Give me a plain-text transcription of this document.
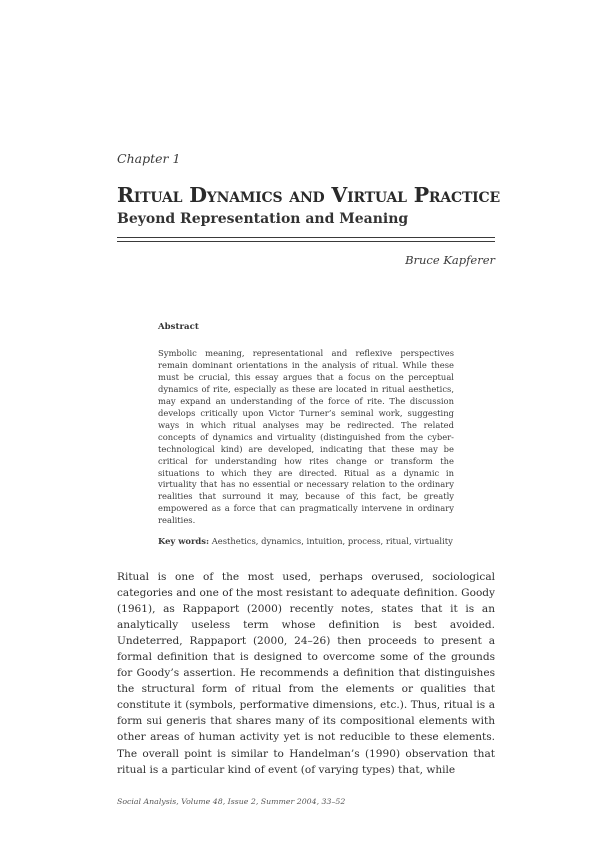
Chapter 1
Ritual Dynamics and Virtual Practice
Beyond Representation and Meaning
Bruce Kapferer
Abstract
Symbolic meaning, representational and reflexive perspectives remain dominant orientations in the analysis of ritual. While these must be crucial, this essay argues that a focus on the perceptual dynamics of rite, especially as these are located in ritual aesthetics, may expand an understanding of the force of rite. The discussion develops critically upon Victor Turner’s seminal work, suggesting ways in which ritual analyses may be redirected. The related concepts of dynamics and virtuality (distinguished from the cyber-technological kind) are developed, indicating that these may be critical for understanding how rites change or transform the situations to which they are directed. Ritual as a dynamic in virtuality that has no essential or necessary relation to the ordinary realities that surround it may, because of this fact, be greatly empowered as a force that can pragmatically intervene in ordinary realities.
Key words: Aesthetics, dynamics, intuition, process, ritual, virtuality
Ritual is one of the most used, perhaps overused, sociological categories and one of the most resistant to adequate definition. Goody (1961), as Rappaport (2000) recently notes, states that it is an analytically useless term whose definition is best avoided. Undeterred, Rappaport (2000, 24–26) then proceeds to present a formal definition that is designed to overcome some of the grounds for Goody’s assertion. He recommends a definition that distinguishes the structural form of ritual from the elements or qualities that constitute it (symbols, performative dimensions, etc.). Thus, ritual is a form sui generis that shares many of its compositional elements with other areas of human activity yet is not reducible to these elements. The overall point is similar to Handelman’s (1990) observation that ritual is a particular kind of event (of varying types) that, while
Social Analysis, Volume 48, Issue 2, Summer 2004, 33–52
